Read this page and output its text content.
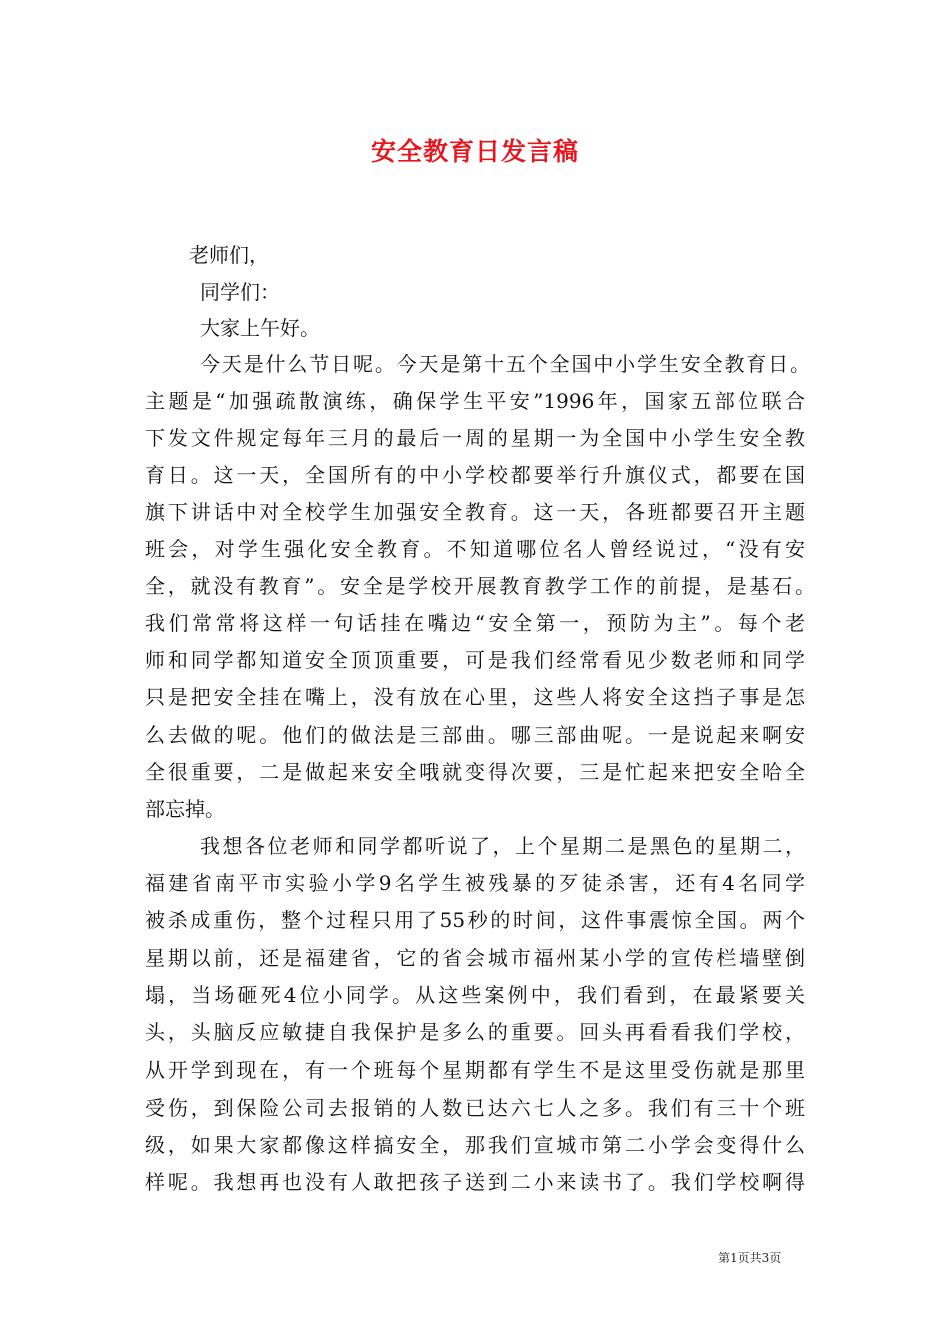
安全教育日发言稿
老师们，
同学们：
大家上午好。
今天是什么节日呢。今天是第十五个全国中小学生安全教育日。
主题是“加强疏散演练，确保学生平安”1996年，国家五部位联合
下发文件规定每年三月的最后一周的星期一为全国中小学生安全教
育日。这一天，全国所有的中小学校都要举行升旗仪式，都要在国
旗下讲话中对全校学生加强安全教育。这一天，各班都要召开主题
班会，对学生强化安全教育。不知道哪位名人曾经说过，“没有安
全，就没有教育”。安全是学校开展教育教学工作的前提，是基石。
我们常常将这样一句话挂在嘴边“安全第一，预防为主”。每个老
师和同学都知道安全顶顶重要，可是我们经常看见少数老师和同学
只是把安全挂在嘴上，没有放在心里，这些人将安全这挡子事是怎
么去做的呢。他们的做法是三部曲。哪三部曲呢。一是说起来啊安
全很重要，二是做起来安全哦就变得次要，三是忙起来把安全哈全
部忘掉。
我想各位老师和同学都听说了，上个星期二是黑色的星期二，
福建省南平市实验小学9名学生被残暴的歹徒杀害，还有4名同学
被杀成重伤，整个过程只用了55秒的时间，这件事震惊全国。两个
星期以前，还是福建省，它的省会城市福州某小学的宣传栏墙壁倒
塌，当场砸死4位小同学。从这些案例中，我们看到，在最紧要关
头，头脑反应敏捷自我保护是多么的重要。回头再看看我们学校，
从开学到现在，有一个班每个星期都有学生不是这里受伤就是那里
受伤，到保险公司去报销的人数已达六七人之多。我们有三十个班
级，如果大家都像这样搞安全，那我们宣城市第二小学会变得什么
样呢。我想再也没有人敢把孩子送到二小来读书了。我们学校啊得
第1页共3页
